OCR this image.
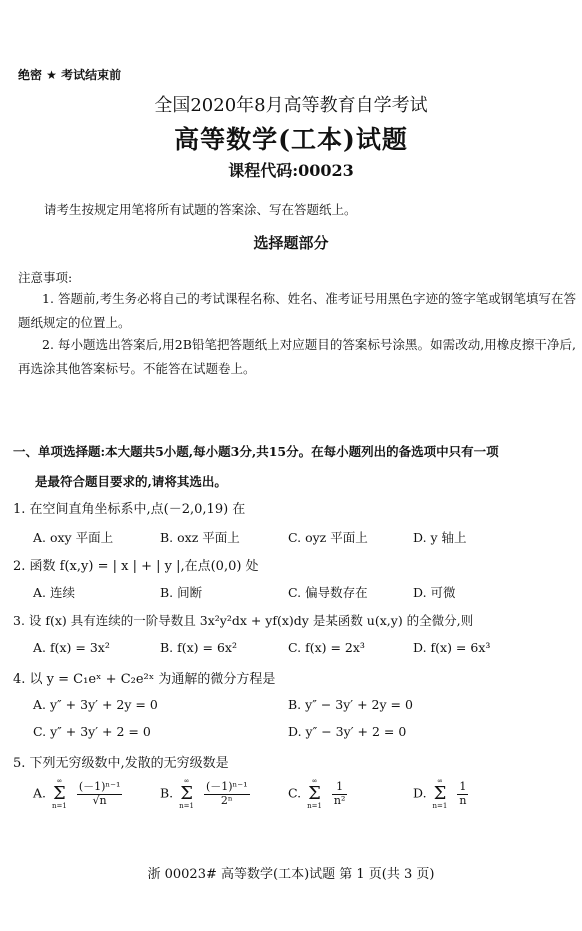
绝密 ★ 考试结束前
全国2020年8月高等教育自学考试
高等数学(工本)试题
课程代码:00023
请考生按规定用笔将所有试题的答案涂、写在答题纸上。
选择题部分
注意事项:
1. 答题前,考生务必将自己的考试课程名称、姓名、准考证号用黑色字迹的签字笔或钢笔填写在答题纸规定的位置上。
2. 每小题选出答案后,用2B铅笔把答题纸上对应题目的答案标号涂黑。如需改动,用橡皮擦干净后,再选涂其他答案标号。不能答在试题卷上。
一、单项选择题:本大题共5小题,每小题3分,共15分。在每小题列出的备选项中只有一项
是最符合题目要求的,请将其选出。
1. 在空间直角坐标系中,点(－2,0,19) 在
A. oxy 平面上	B. oxz 平面上	C. oyz 平面上	D. y 轴上
2. 函数 f(x,y) = | x | + | y |,在点(0,0) 处
A. 连续	B. 间断	C. 偏导数存在	D. 可微
3. 设 f(x) 具有连续的一阶导数且 3x²y²dx + yf(x)dy 是某函数 u(x,y) 的全微分,则
A. f(x) = 3x²	B. f(x) = 6x²	C. f(x) = 2x³	D. f(x) = 6x³
4. 以 y = C₁eˣ + C₂e²ˣ 为通解的微分方程是
A. y″ + 3y′ + 2y = 0	B. y″ − 3y′ + 2y = 0
C. y″ + 3y′ + 2 = 0	D. y″ − 3y′ + 2 = 0
5. 下列无穷级数中,发散的无穷级数是
A.
∞
Σ
n=1
$\frac{\text{(－1)ⁿ⁻¹}}{√n}$	B.
∞
Σ
n=1
$\frac{\text{(－1)ⁿ⁻¹}}{\text{2ⁿ}}$	C.
∞
Σ
n=1
$\frac{1}{\text{n²}}$	D.
∞
Σ
n=1
$\frac{1}{n}$
浙 00023# 高等数学(工本)试题 第 1 页(共 3 页)
